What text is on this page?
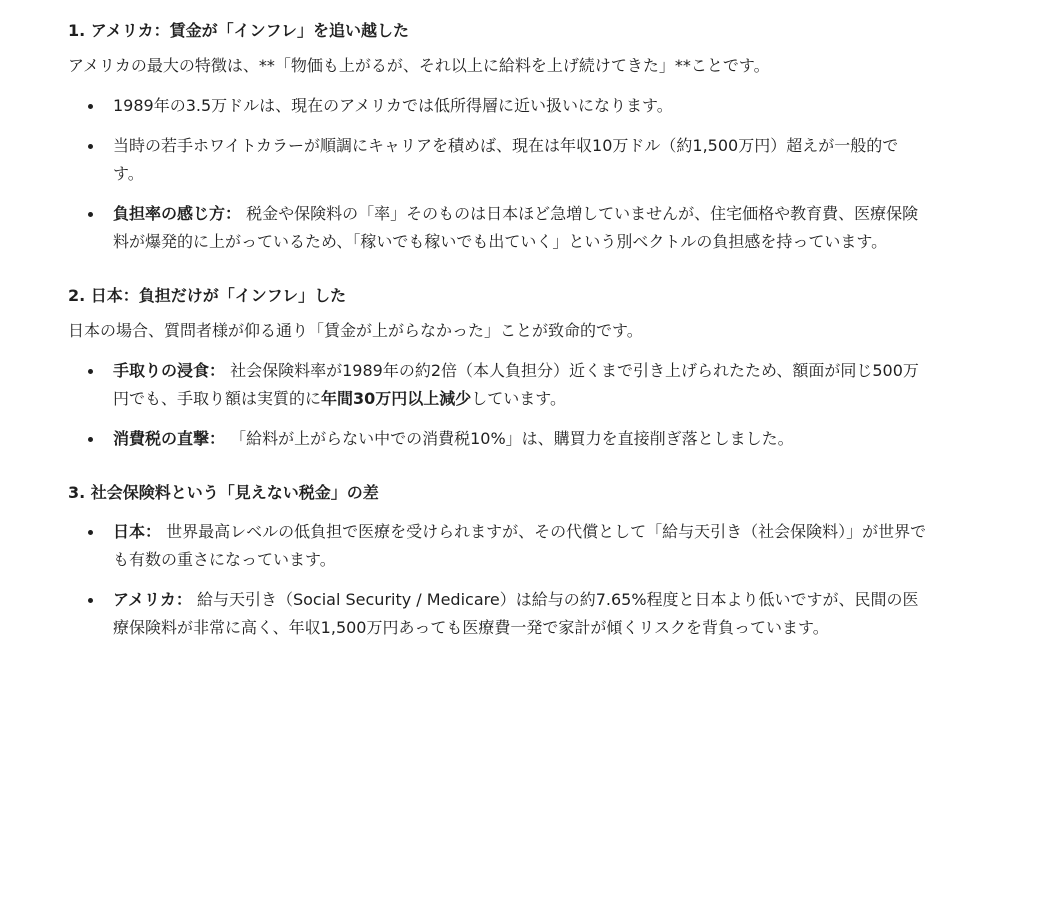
1. アメリカ：賃金が「インフレ」を追い越した

アメリカの最大の特徴は、**「物価も上がるが、それ以上に給料を上げ続けてきた」**ことです。

1989年の3.5万ドルは、現在のアメリカでは低所得層に近い扱いになります。
当時の若手ホワイトカラーが順調にキャリアを積めば、現在は年収10万ドル（約1,500万円）超えが一般的です。
負担率の感じ方： 税金や保険料の「率」そのものは日本ほど急増していませんが、住宅価格や教育費、医療保険料が爆発的に上がっているため、「稼いでも稼いでも出ていく」という別ベクトルの負担感を持っています。
2. 日本：負担だけが「インフレ」した

日本の場合、質問者様が仰る通り「賃金が上がらなかった」ことが致命的です。

手取りの浸食： 社会保険料率が1989年の約2倍（本人負担分）近くまで引き上げられたため、額面が同じ500万円でも、手取り額は実質的に年間30万円以上減少しています。
消費税の直撃： 「給料が上がらない中での消費税10%」は、購買力を直接削ぎ落としました。
3. 社会保険料という「見えない税金」の差
日本： 世界最高レベルの低負担で医療を受けられますが、その代償として「給与天引き（社会保険料）」が世界でも有数の重さになっています。
アメリカ： 給与天引き（Social Security / Medicare）は給与の約7.65%程度と日本より低いですが、民間の医療保険料が非常に高く、年収1,500万円あっても医療費一発で家計が傾くリスクを背負っています。
